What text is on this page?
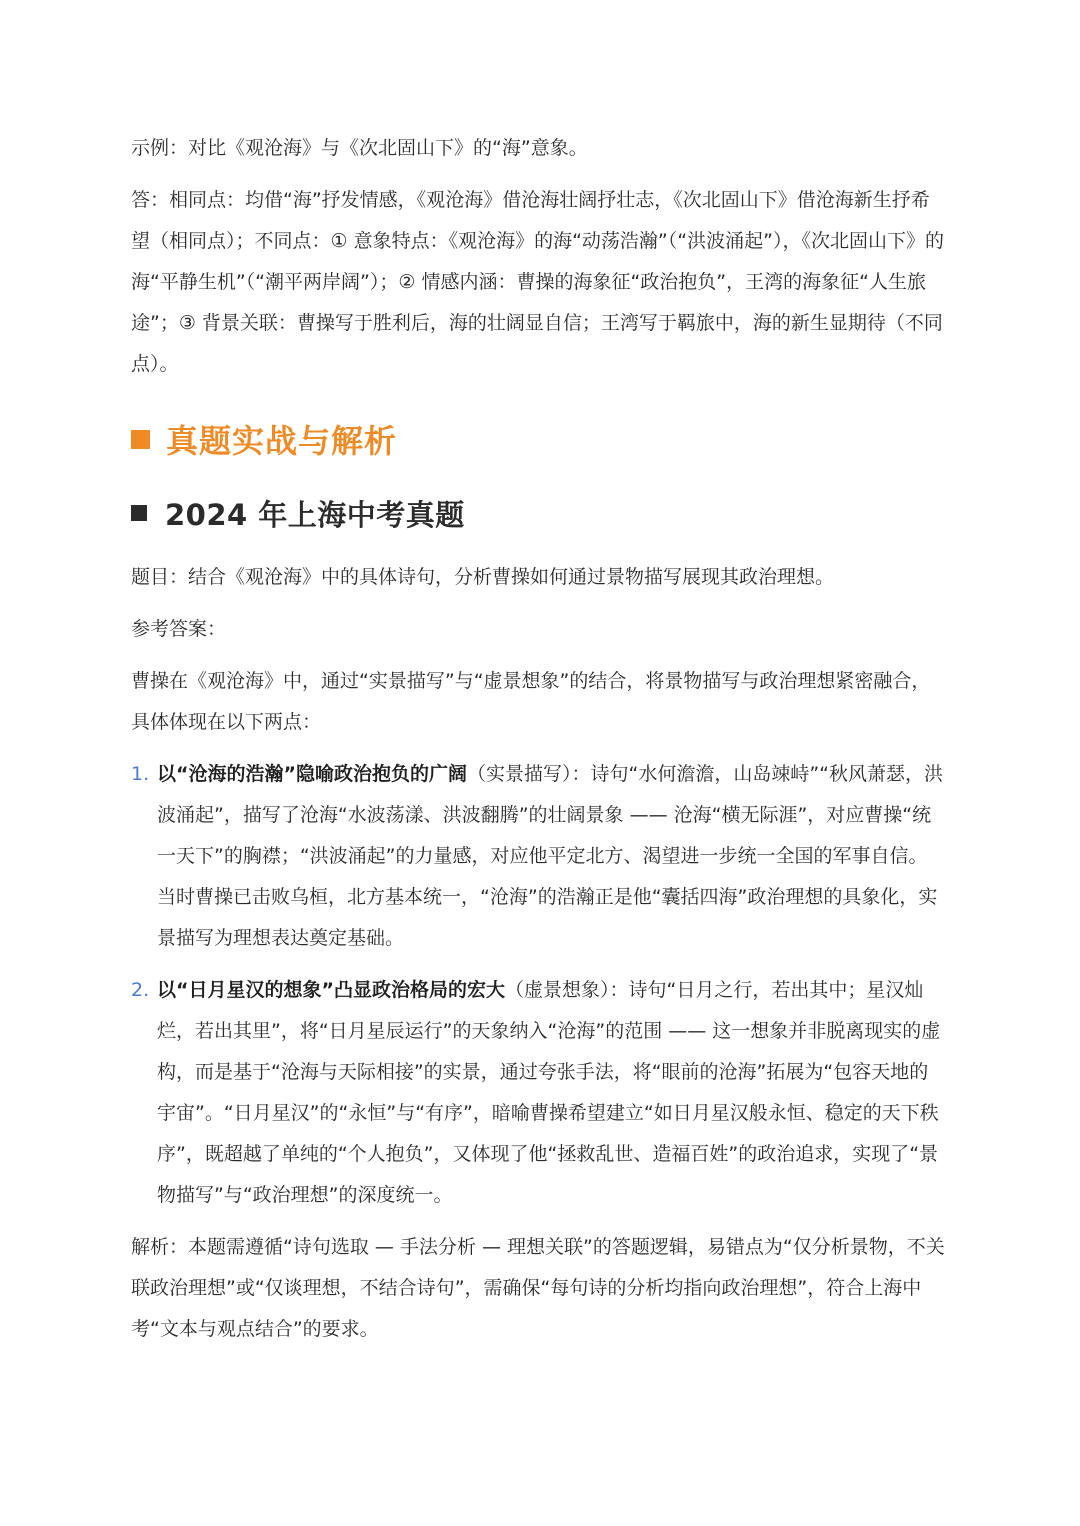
示例：对比《观沧海》与《次北固山下》的“海”意象。

答：相同点：均借“海”抒发情感，《观沧海》借沧海壮阔抒壮志，《次北固山下》借沧海新生抒希望（相同点）；不同点：① 意象特点：《观沧海》的海“动荡浩瀚”（“洪波涌起”），《次北固山下》的海“平静生机”（“潮平两岸阔”）；② 情感内涵：曹操的海象征“政治抱负”，王湾的海象征“人生旅途”；③ 背景关联：曹操写于胜利后，海的壮阔显自信；王湾写于羁旅中，海的新生显期待（不同点）。

真题实战与解析
2024 年上海中考真题

题目：结合《观沧海》中的具体诗句，分析曹操如何通过景物描写展现其政治理想。

参考答案：

曹操在《观沧海》中，通过“实景描写”与“虚景想象”的结合，将景物描写与政治理想紧密融合，具体体现在以下两点：

1. 以“沧海的浩瀚”隐喻政治抱负的广阔（实景描写）：诗句“水何澹澹，山岛竦峙”“秋风萧瑟，洪波涌起”，描写了沧海“水波荡漾、洪波翻腾”的壮阔景象 —— 沧海“横无际涯”，对应曹操“统一天下”的胸襟；“洪波涌起”的力量感，对应他平定北方、渴望进一步统一全国的军事自信。当时曹操已击败乌桓，北方基本统一，“沧海”的浩瀚正是他“囊括四海”政治理想的具象化，实景描写为理想表达奠定基础。
2. 以“日月星汉的想象”凸显政治格局的宏大（虚景想象）：诗句“日月之行，若出其中；星汉灿烂，若出其里”，将“日月星辰运行”的天象纳入“沧海”的范围 —— 这一想象并非脱离现实的虚构，而是基于“沧海与天际相接”的实景，通过夸张手法，将“眼前的沧海”拓展为“包容天地的宇宙”。“日月星汉”的“永恒”与“有序”，暗喻曹操希望建立“如日月星汉般永恒、稳定的天下秩序”，既超越了单纯的“个人抱负”，又体现了他“拯救乱世、造福百姓”的政治追求，实现了“景物描写”与“政治理想”的深度统一。

解析：本题需遵循“诗句选取 — 手法分析 — 理想关联”的答题逻辑，易错点为“仅分析景物，不关联政治理想”或“仅谈理想，不结合诗句”，需确保“每句诗的分析均指向政治理想”，符合上海中考“文本与观点结合”的要求。
